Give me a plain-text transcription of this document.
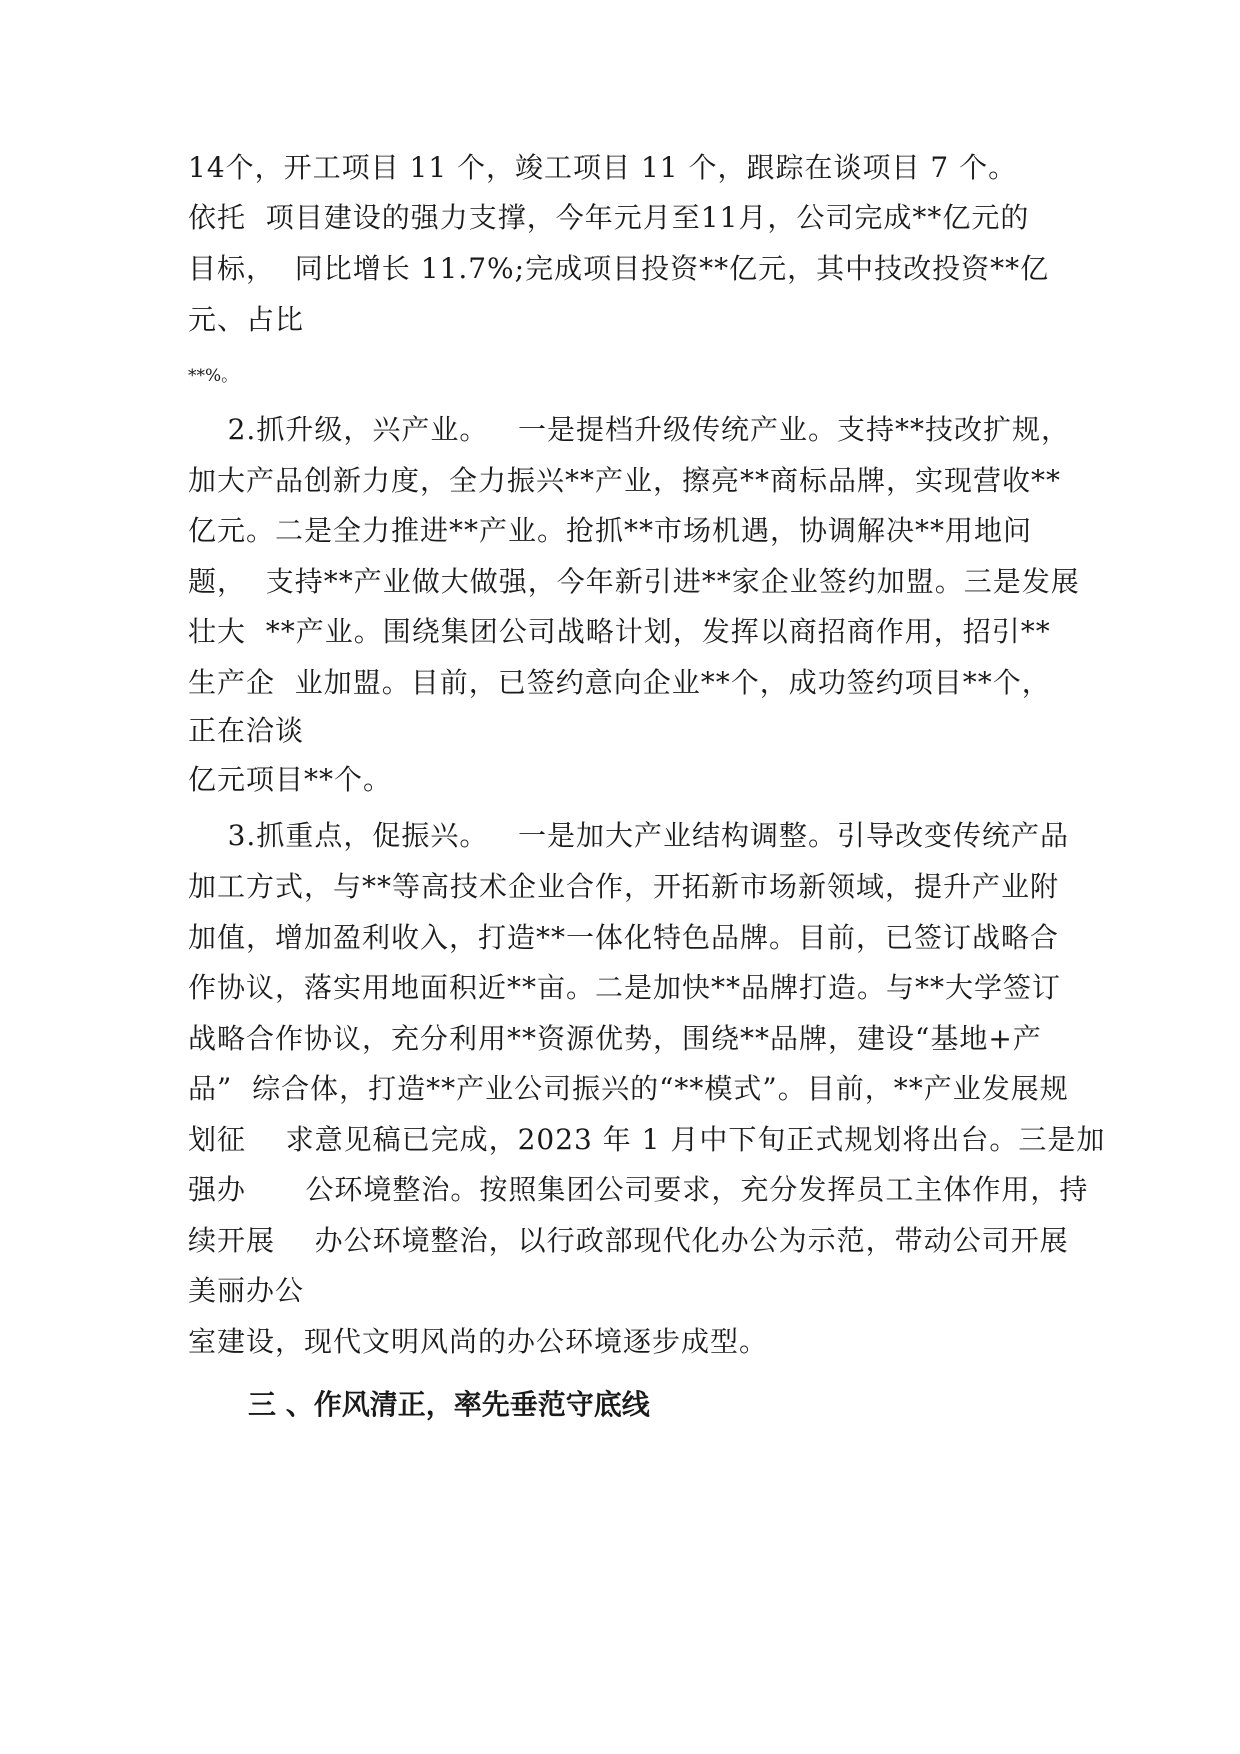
14个，开工项目 11 个，竣工项目 11 个，跟踪在谈项目 7 个。
依托  项目建设的强力支撑，今年元月至11月，公司完成**亿元的
目标，  同比增长 11.7%;完成项目投资**亿元，其中技改投资**亿
元、占比
**%。
2.抓升级，兴产业。   一是提档升级传统产业。支持**技改扩规，
加大产品创新力度，全力振兴**产业，擦亮**商标品牌，实现营收**
亿元。二是全力推进**产业。抢抓**市场机遇，协调解决**用地问
题，  支持**产业做大做强，今年新引进**家企业签约加盟。三是发展
壮大  **产业。围绕集团公司战略计划，发挥以商招商作用，招引**
生产企  业加盟。目前，已签约意向企业**个，成功签约项目**个，
正在洽谈
亿元项目**个。
3.抓重点，促振兴。   一是加大产业结构调整。引导改变传统产品
加工方式，与**等高技术企业合作，开拓新市场新领域，提升产业附
加值，增加盈利收入，打造**一体化特色品牌。目前，已签订战略合
作协议，落实用地面积近**亩。二是加快**品牌打造。与**大学签订
战略合作协议，充分利用**资源优势，围绕**品牌，建设“基地+产
品”  综合体，打造**产业公司振兴的“**模式”。目前，**产业发展规
划征    求意见稿已完成，2023 年 1 月中下旬正式规划将出台。三是加
强办      公环境整治。按照集团公司要求，充分发挥员工主体作用，持
续开展    办公环境整治，以行政部现代化办公为示范，带动公司开展
美丽办公
室建设，现代文明风尚的办公环境逐步成型。
三 、作风清正，率先垂范守底线
